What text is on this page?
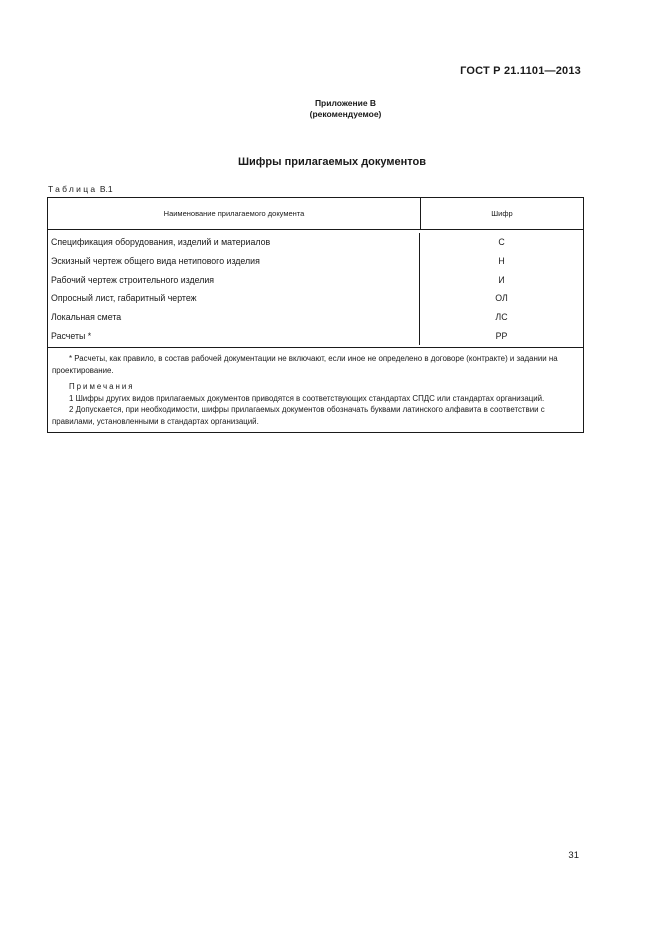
ГОСТ Р 21.1101—2013
Приложение В
(рекомендуемое)
Шифры прилагаемых документов
Таблица В.1
Наименование прилагаемого документа	Шифр
Спецификация оборудования, изделий и материалов	С
Эскизный чертеж общего вида нетипового изделия	Н
Рабочий чертеж строительного изделия	И
Опросный лист, габаритный чертеж	ОЛ
Локальная смета	ЛС
Расчеты *	РР

* Расчеты, как правило, в состав рабочей документации не включают, если иное не определено в договоре (контракте) и задании на проектирование.

Примечания

1 Шифры других видов прилагаемых документов приводятся в соответствующих стандартах СПДС или стандартах организаций.

2 Допускается, при необходимости, шифры прилагаемых документов обозначать буквами латинского алфавита в соответствии с правилами, установленными в стандартах организаций.

31
